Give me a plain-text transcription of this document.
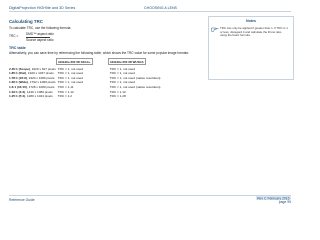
DigitalProjection HIGHlite and 3D Series	CHOOSING A LENS
Calculating TRC
To calculate TRC, use the following formula:
TRC =
DMD™ aspect ratio
Source aspect ratio
TRC table
Alternatively, you can save time by referencing the following table, which shows the TRC value for some popular image formats:
	HIGHlite 660 3D SXGA+	HIGHlite 660 3D WUXGA
2.35:1 (Scope), 1920 x 817 pixels	TRC = 1, not used	TRC = 1, not used
1.85:1 (Flat), 1920 x 1037 pixels	TRC = 1, not used	TRC = 1, not used
1.78:1 (16:9), 1920 x 1080 pixels	TRC = 1, not used	TRC = 1, not used (native resolution)
1.66:1 (Wide), 1792 x 1080 pixels	TRC = 1, not used	TRC = 1, not used
1.6:1 (16:10), 1728 x 1080 pixels	TRC = 1.11	TRC = 1, not used (native resolution)
1.33:1 (4:3), 1440 x 1080 pixels	TRC = 1.12	TRC = 1.12
1.25:1 (5:4), 1280 x 1024 pixels	TRC = 1.2	TRC = 1.28
Notes
TRC can only be applied if greater than 1. If TRC is 1 or less, disregard it and calculate the throw ratio using the basic formula.
Reference Guide	Rev C February 2016
page 95
